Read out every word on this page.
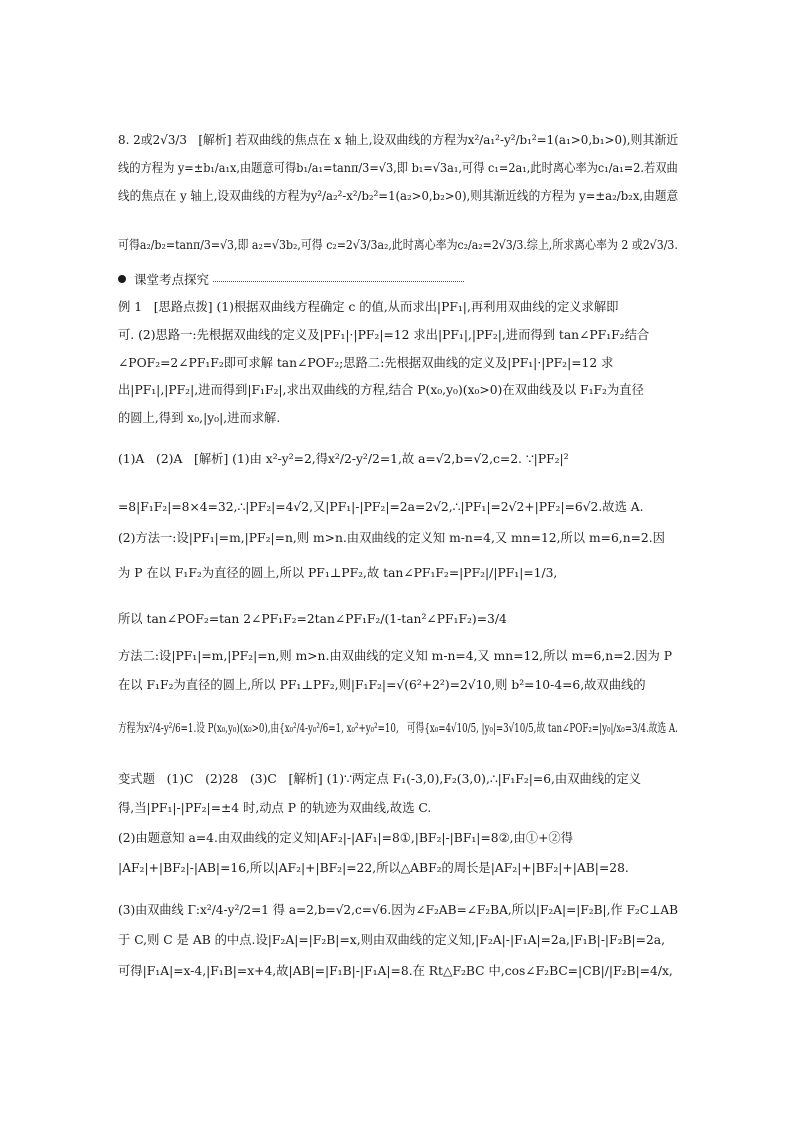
课堂考点探究
8. 2或2√3/3   [解析] 若双曲线的焦点在 x 轴上,设双曲线的方程为x²/a₁²-y²/b₁²=1(a₁>0,b₁>0),则其渐近
线的方程为 y=±b₁/a₁x,由题意可得b₁/a₁=tanπ/3=√3,即 b₁=√3a₁,可得 c₁=2a₁,此时离心率为c₁/a₁=2.若双曲
线的焦点在 y 轴上,设双曲线的方程为y²/a₂²-x²/b₂²=1(a₂>0,b₂>0),则其渐近线的方程为 y=±a₂/b₂x,由题意
可得a₂/b₂=tanπ/3=√3,即 a₂=√3b₂,可得 c₂=2√3/3a₂,此时离心率为c₂/a₂=2√3/3.综上,所求离心率为 2 或2√3/3.
例 1   [思路点拨] (1)根据双曲线方程确定 c 的值,从而求出|PF₁|,再利用双曲线的定义求解即
可. (2)思路一:先根据双曲线的定义及|PF₁|·|PF₂|=12 求出|PF₁|,|PF₂|,进而得到 tan∠PF₁F₂结合
∠POF₂=2∠PF₁F₂即可求解 tan∠POF₂;思路二:先根据双曲线的定义及|PF₁|·|PF₂|=12 求
出|PF₁|,|PF₂|,进而得到|F₁F₂|,求出双曲线的方程,结合 P(x₀,y₀)(x₀>0)在双曲线及以 F₁F₂为直径
的圆上,得到 x₀,|y₀|,进而求解.
(1)A   (2)A   [解析] (1)由 x²-y²=2,得x²/2-y²/2=1,故 a=√2,b=√2,c=2. ∵|PF₂|²
=8|F₁F₂|=8×4=32,∴|PF₂|=4√2,又|PF₁|-|PF₂|=2a=2√2,∴|PF₁|=2√2+|PF₂|=6√2.故选 A.
(2)方法一:设|PF₁|=m,|PF₂|=n,则 m>n.由双曲线的定义知 m-n=4,又 mn=12,所以 m=6,n=2.因
为 P 在以 F₁F₂为直径的圆上,所以 PF₁⊥PF₂,故 tan∠PF₁F₂=|PF₂|/|PF₁|=1/3,
所以 tan∠POF₂=tan 2∠PF₁F₂=2tan∠PF₁F₂/(1-tan²∠PF₁F₂)=3/4
方法二:设|PF₁|=m,|PF₂|=n,则 m>n.由双曲线的定义知 m-n=4,又 mn=12,所以 m=6,n=2.因为 P
在以 F₁F₂为直径的圆上,所以 PF₁⊥PF₂,则|F₁F₂|=√(6²+2²)=2√10,则 b²=10-4=6,故双曲线的
方程为x²/4-y²/6=1.设 P(x₀,y₀)(x₀>0),由{x₀²/4-y₀²/6=1, x₀²+y₀²=10,   可得{x₀=4√10/5, |y₀|=3√10/5,故 tan∠POF₂=|y₀|/x₀=3/4.故选 A.
变式题   (1)C   (2)28   (3)C   [解析] (1)∵两定点 F₁(-3,0),F₂(3,0),∴|F₁F₂|=6,由双曲线的定义
得,当|PF₁|-|PF₂|=±4 时,动点 P 的轨迹为双曲线,故选 C.
(2)由题意知 a=4.由双曲线的定义知|AF₂|-|AF₁|=8①,|BF₂|-|BF₁|=8②,由①+②得
|AF₂|+|BF₂|-|AB|=16,所以|AF₂|+|BF₂|=22,所以△ABF₂的周长是|AF₂|+|BF₂|+|AB|=28.
(3)由双曲线 Γ:x²/4-y²/2=1 得 a=2,b=√2,c=√6.因为∠F₂AB=∠F₂BA,所以|F₂A|=|F₂B|,作 F₂C⊥AB
于 C,则 C 是 AB 的中点.设|F₂A|=|F₂B|=x,则由双曲线的定义知,|F₂A|-|F₁A|=2a,|F₁B|-|F₂B|=2a,
可得|F₁A|=x-4,|F₁B|=x+4,故|AB|=|F₁B|-|F₁A|=8.在 Rt△F₂BC 中,cos∠F₂BC=|CB|/|F₂B|=4/x,
